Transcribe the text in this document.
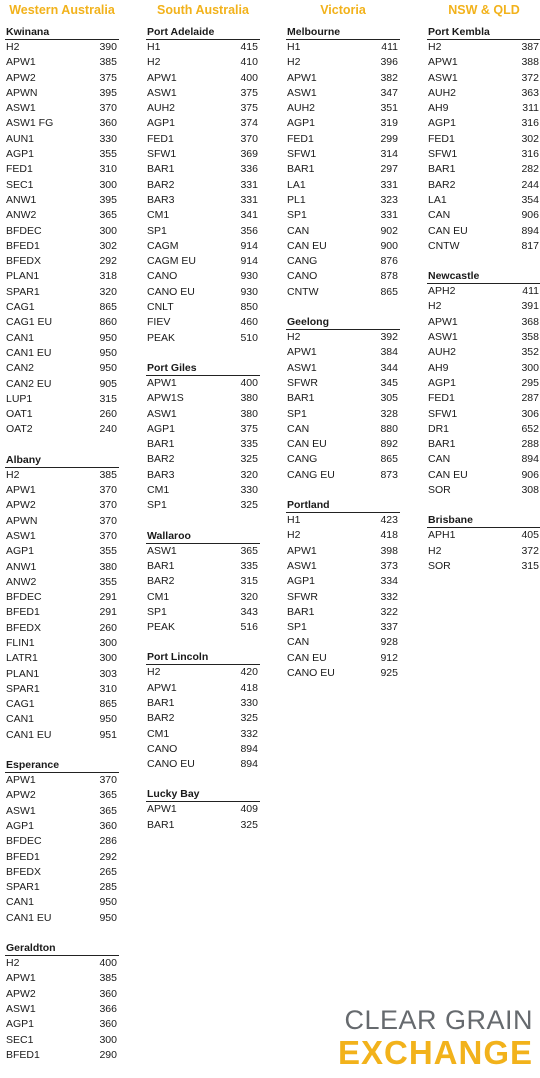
Western Australia
Kwinana
H2	390
APW1	385
APW2	375
APWN	395
ASW1	370
ASW1 FG	360
AUN1	330
AGP1	355
FED1	310
SEC1	300
ANW1	395
ANW2	365
BFDEC	300
BFED1	302
BFEDX	292
PLAN1	318
SPAR1	320
CAG1	865
CAG1 EU	860
CAN1	950
CAN1 EU	950
CAN2	950
CAN2 EU	905
LUP1	315
OAT1	260
OAT2	240
Albany
H2	385
APW1	370
APW2	370
APWN	370
ASW1	370
AGP1	355
ANW1	380
ANW2	355
BFDEC	291
BFED1	291
BFEDX	260
FLIN1	300
LATR1	300
PLAN1	303
SPAR1	310
CAG1	865
CAN1	950
CAN1 EU	951
Esperance
APW1	370
APW2	365
ASW1	365
AGP1	360
BFDEC	286
BFED1	292
BFEDX	265
SPAR1	285
CAN1	950
CAN1 EU	950
Geraldton
H2	400
APW1	385
APW2	360
ASW1	366
AGP1	360
SEC1	300
BFED1	290
South Australia
Port Adelaide
H1	415
H2	410
APW1	400
ASW1	375
AUH2	375
AGP1	374
FED1	370
SFW1	369
BAR1	336
BAR2	331
BAR3	331
CM1	341
SP1	356
CAGM	914
CAGM EU	914
CANO	930
CANO EU	930
CNLT	850
FIEV	460
PEAK	510
Port Giles
APW1	400
APW1S	380
ASW1	380
AGP1	375
BAR1	335
BAR2	325
BAR3	320
CM1	330
SP1	325
Wallaroo
ASW1	365
BAR1	335
BAR2	315
CM1	320
SP1	343
PEAK	516
Port Lincoln
H2	420
APW1	418
BAR1	330
BAR2	325
CM1	332
CANO	894
CANO EU	894
Lucky Bay
APW1	409
BAR1	325
Victoria
Melbourne
H1	411
H2	396
APW1	382
ASW1	347
AUH2	351
AGP1	319
FED1	299
SFW1	314
BAR1	297
LA1	331
PL1	323
SP1	331
CAN	902
CAN EU	900
CANG	876
CANO	878
CNTW	865
Geelong
H2	392
APW1	384
ASW1	344
SFWR	345
BAR1	305
SP1	328
CAN	880
CAN EU	892
CANG	865
CANG EU	873
Portland
H1	423
H2	418
APW1	398
ASW1	373
AGP1	334
SFWR	332
BAR1	322
SP1	337
CAN	928
CAN EU	912
CANO EU	925
NSW & QLD
Port Kembla
H2	387
APW1	388
ASW1	372
AUH2	363
AH9	311
AGP1	316
FED1	302
SFW1	316
BAR1	282
BAR2	244
LA1	354
CAN	906
CAN EU	894
CNTW	817
Newcastle
APH2	411
H2	391
APW1	368
ASW1	358
AUH2	352
AH9	300
AGP1	295
FED1	287
SFW1	306
DR1	652
BAR1	288
CAN	894
CAN EU	906
SOR	308
Brisbane
APH1	405
H2	372
SOR	315
CLEAR GRAIN
EXCHANGE
